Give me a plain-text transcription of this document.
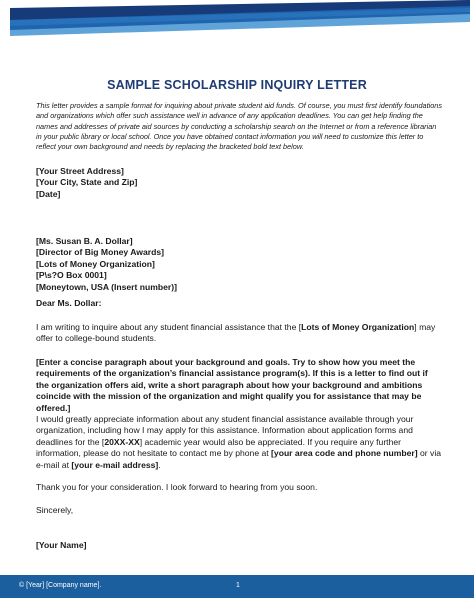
SAMPLE SCHOLARSHIP INQUIRY LETTER

This letter provides a sample format for inquiring about private student aid funds. Of course, you must first identify foundations and organizations which offer such assistance well in advance of any application deadlines. You can get help finding the names and addresses of private aid sources by conducting a scholarship search on the Internet or from a reference librarian in your public library or local school. Once you have obtained contact information you will need to customize this letter to reflect your own background and needs by replacing the bracketed bold text below.

[Your Street Address]

[Your City, State and Zip]

[Date]

[Ms. Susan B. A. Dollar]

[Director of Big Money Awards]

[Lots of Money Organization]

[P\s?O Box 0001]

[Moneytown, USA (Insert number)]

Dear Ms. Dollar:

I am writing to inquire about any student financial assistance that the [Lots of Money Organization] may offer to college-bound students.

[Enter a concise paragraph about your background and goals. Try to show how you meet the requirements of the organization’s financial assistance program(s). If this is a letter to find out if the organization offers aid, write a short paragraph about how your background and ambitions coincide with the mission of the organization and might qualify you for assistance that may be offered.]

I would greatly appreciate information about any student financial assistance available through your organization, including how I may apply for this assistance. Information about application forms and deadlines for the [20XX-XX] academic year would also be appreciated. If you require any further information, please do not hesitate to contact me by phone at [your area code and phone number] or via e-mail at [your e-mail address].

Thank you for your consideration. I look forward to hearing from you soon.
Sincerely,
[Your Name]
© [Year] [Company name].	1
